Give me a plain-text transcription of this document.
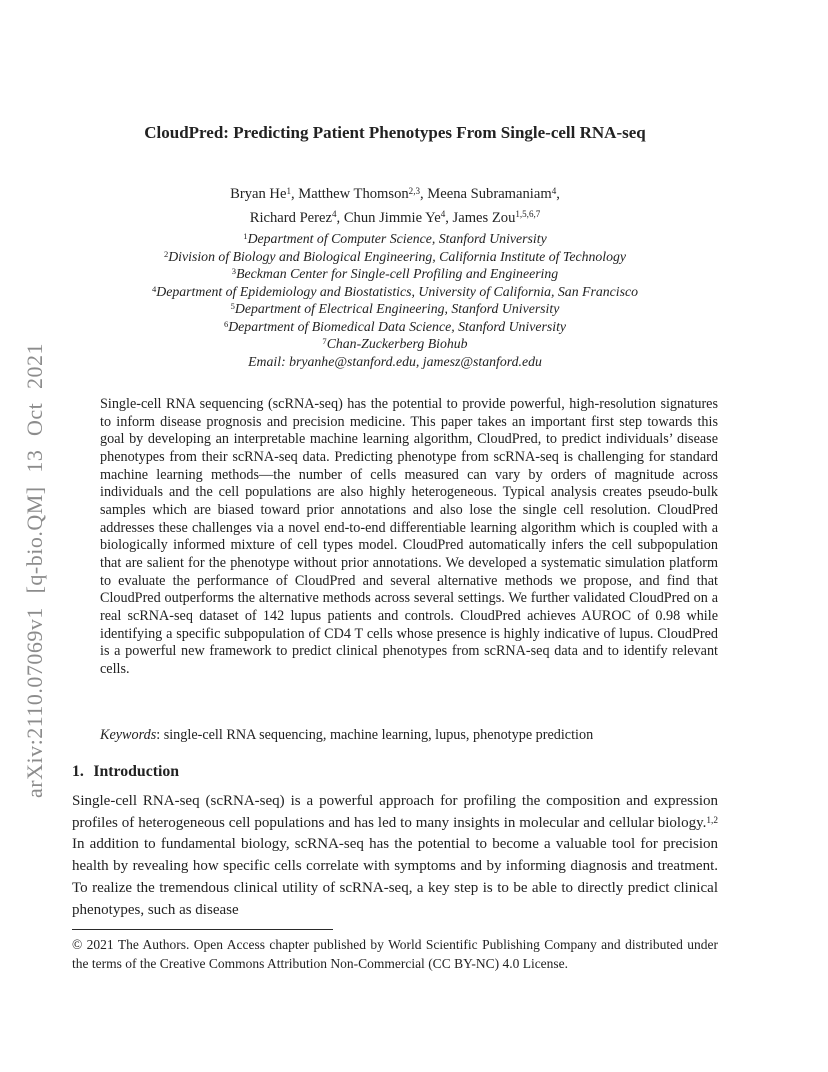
arXiv:2110.07069v1 [q-bio.QM] 13 Oct 2021
CloudPred: Predicting Patient Phenotypes From Single-cell RNA-seq
Bryan He$^1$, Matthew Thomson$^{2,3}$, Meena Subramaniam$^4$,
Richard Perez$^4$, Chun Jimmie Ye$^4$, James Zou$^{1,5,6,7}$
$^1$Department of Computer Science, Stanford University
$^2$Division of Biology and Biological Engineering, California Institute of Technology
$^3$Beckman Center for Single-cell Profiling and Engineering
$^4$Department of Epidemiology and Biostatistics, University of California, San Francisco
$^5$Department of Electrical Engineering, Stanford University
$^6$Department of Biomedical Data Science, Stanford University
$^7$Chan-Zuckerberg Biohub
Email: bryanhe@stanford.edu, jamesz@stanford.edu

Single-cell RNA sequencing (scRNA-seq) has the potential to provide powerful, high-resolution signatures to inform disease prognosis and precision medicine. This paper takes an important first step towards this goal by developing an interpretable machine learning algorithm, CloudPred, to predict individuals’ disease phenotypes from their scRNA-seq data. Predicting phenotype from scRNA-seq is challenging for standard machine learning methods—the number of cells measured can vary by orders of magnitude across individuals and the cell populations are also highly heterogeneous. Typical analysis creates pseudo-bulk samples which are biased toward prior annotations and also lose the single cell resolution. CloudPred addresses these challenges via a novel end-to-end differentiable learning algorithm which is coupled with a biologically informed mixture of cell types model. CloudPred automatically infers the cell subpopulation that are salient for the phenotype without prior annotations. We developed a systematic simulation platform to evaluate the performance of CloudPred and several alternative methods we propose, and find that CloudPred outperforms the alternative methods across several settings. We further validated CloudPred on a real scRNA-seq dataset of 142 lupus patients and controls. CloudPred achieves AUROC of 0.98 while identifying a specific subpopulation of CD4 T cells whose presence is highly indicative of lupus. CloudPred is a powerful new framework to predict clinical phenotypes from scRNA-seq data and to identify relevant cells.

Keywords: single-cell RNA sequencing, machine learning, lupus, phenotype prediction

1. Introduction

Single-cell RNA-seq (scRNA-seq) is a powerful approach for profiling the composition and expression profiles of heterogeneous cell populations and has led to many insights in molecular and cellular biology.$^{1,2}$ In addition to fundamental biology, scRNA-seq has the potential to become a valuable tool for precision health by revealing how specific cells correlate with symptoms and by informing diagnosis and treatment. To realize the tremendous clinical utility of scRNA-seq, a key step is to be able to directly predict clinical phenotypes, such as disease

© 2021 The Authors. Open Access chapter published by World Scientific Publishing Company and distributed under the terms of the Creative Commons Attribution Non-Commercial (CC BY-NC) 4.0 License.
